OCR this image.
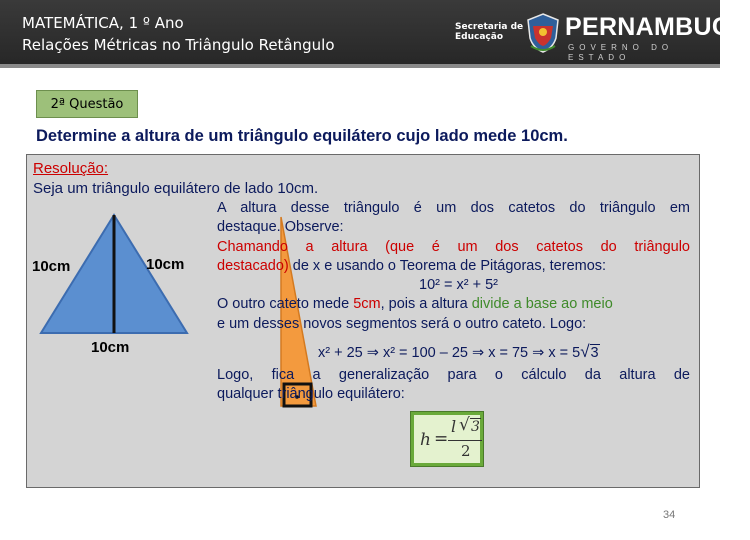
MATEMÁTICA, 1 º Ano
Relações Métricas no Triângulo Retângulo
Secretaria de
Educação	PERNAMBUCO
GOVERNO DO ESTADO
2ª Questão
Determine a altura de um triângulo equilátero cujo lado mede 10cm.
Resolução:
Seja um triângulo equilátero de lado 10cm.
10cm	10cm
10cm

A altura desse triângulo é um dos catetos do triângulo em

destaque. Observe:

Chamando a altura (que é um dos catetos do triângulo

destacado) de x e usando o Teorema de Pitágoras, teremos:

10² = x² + 5²

O outro cateto mede 5cm, pois a altura divide a base ao meio

e um desses novos segmentos será o outro cateto. Logo:

x² + 25 ⇒ x² = 100 – 25 ⇒ x = 75 ⇒ x = 5√3

Logo, fica a generalização para o cálculo da altura de

qualquer triângulo equilátero:

h =
l √ 3
2
34
